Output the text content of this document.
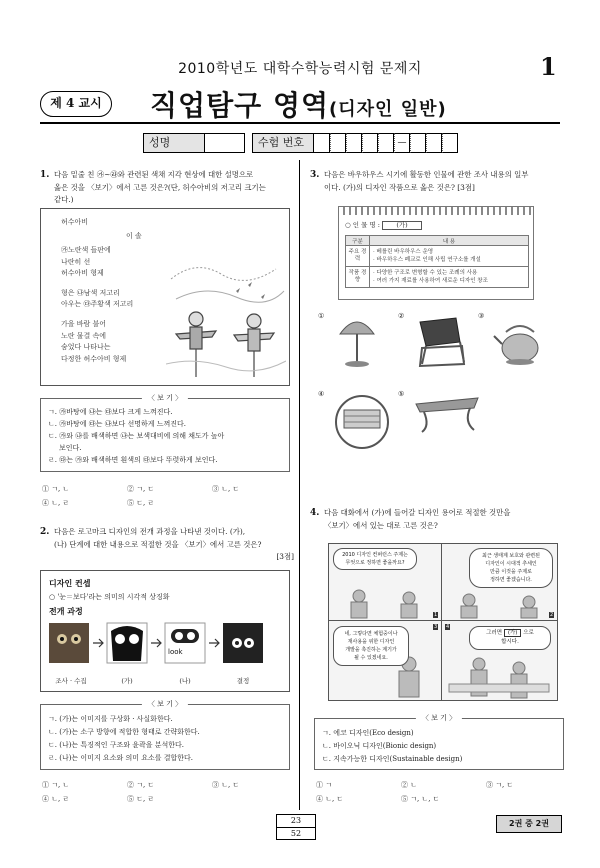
2010학년도 대학수학능력시험 문제지	1
제 4 교시	직업탐구 영역(디자인 일반)
성명	수험 번호	—
1. 다음 밑줄 친 ㉮~㉱와 관련된 색채 지각 현상에 대한 설명으로
옳은 것을 〈보기〉에서 고른 것은?(단, 허수아비의 저고리 크기는
같다.)
허수아비
이 솔
㉮노란색 들판에
나란히 선
허수아비 형제
형은 ㉯남색 저고리
아우는 ㉰주황색 저고리
가을 바람 불어
노란 물결 속에
숨었다 나타나는
다정한 허수아비 형제
〈 보 기 〉
ㄱ. ㉮바탕에 ㉯는 ㉰보다 크게 느껴진다.
ㄴ. ㉮바탕에 ㉰는 ㉯보다 선명하게 느껴진다.
ㄷ. ㉮와 ㉯를 배색하면 ㉯는 보색대비에 의해 채도가 높아
보인다.
ㄹ. ㉰는 ㉮와 배색하면 흰색의 ㉰보다 뚜렷하게 보인다.
① ㄱ, ㄴ	② ㄱ, ㄷ	③ ㄴ, ㄷ
④ ㄴ, ㄹ	⑤ ㄷ, ㄹ
2. 다음은 로고마크 디자인의 전개 과정을 나타낸 것이다. (가),
(나) 단계에 대한 내용으로 적절한 것을 〈보기〉에서 고른 것은?
[3점]
디자인 컨셉
○ '눈＝보다'라는 의미의 시각적 상징화
전개 과정
look
조사 · 수집	(가)	(나)	결정
〈 보 기 〉
ㄱ. (가)는 이미지를 구상화 · 사실화한다.
ㄴ. (가)는 소구 방향에 적합한 형태로 간략화한다.
ㄷ. (나)는 특징적인 구조와 윤곽을 분석한다.
ㄹ. (나)는 이미지 요소와 의미 요소를 결합한다.
① ㄱ, ㄴ	② ㄱ, ㄷ	③ ㄴ, ㄷ
④ ㄴ, ㄹ	⑤ ㄷ, ㄹ
3. 다음은 바우하우스 시기에 활동한 인물에 관한 조사 내용의 일부
이다. (가)의 디자인 작품으로 옳은 것은? [3점]
○ 인 물 명 :	(가)
구분	내 용
주요 경력	· 베를린 바우하우스 운영
· 바우하우스 폐교로 인해 사립 연구소를 개설

작품 경향	· 다양한 구조로 변형할 수 있는 조례의 사용
· 여러 가지 재료를 사용하여 새로운 디자인 창조
①	②	③
④	⑤
4. 다음 대화에서 (가)에 들어갈 디자인 용어로 적절한 것만을
〈보기〉에서 있는 대로 고른 것은?
2010 디자인 컨퍼런스 주제는
무엇으로 정하면 좋을까요?
최근 생태계 보호와 관련된
디자인이 시대적 추세인
만큼 이것을 주제로
정하면 좋겠습니다.
네, 그렇다면 체험중이나
재사용을 위한 디자인
개발을 촉진하는 계기가
될 수 있겠네요.
그러면 (가) 으로
합시다.
1	2
3 4
〈 보 기 〉
ㄱ. 에코 디자인(Eco design)
ㄴ. 바이오닉 디자인(Bionic design)
ㄷ. 지속가능한 디자인(Sustainable design)
① ㄱ	② ㄴ	③ ㄱ, ㄷ
④ ㄴ, ㄷ	⑤ ㄱ, ㄴ, ㄷ
23
52
2권 중 2권
